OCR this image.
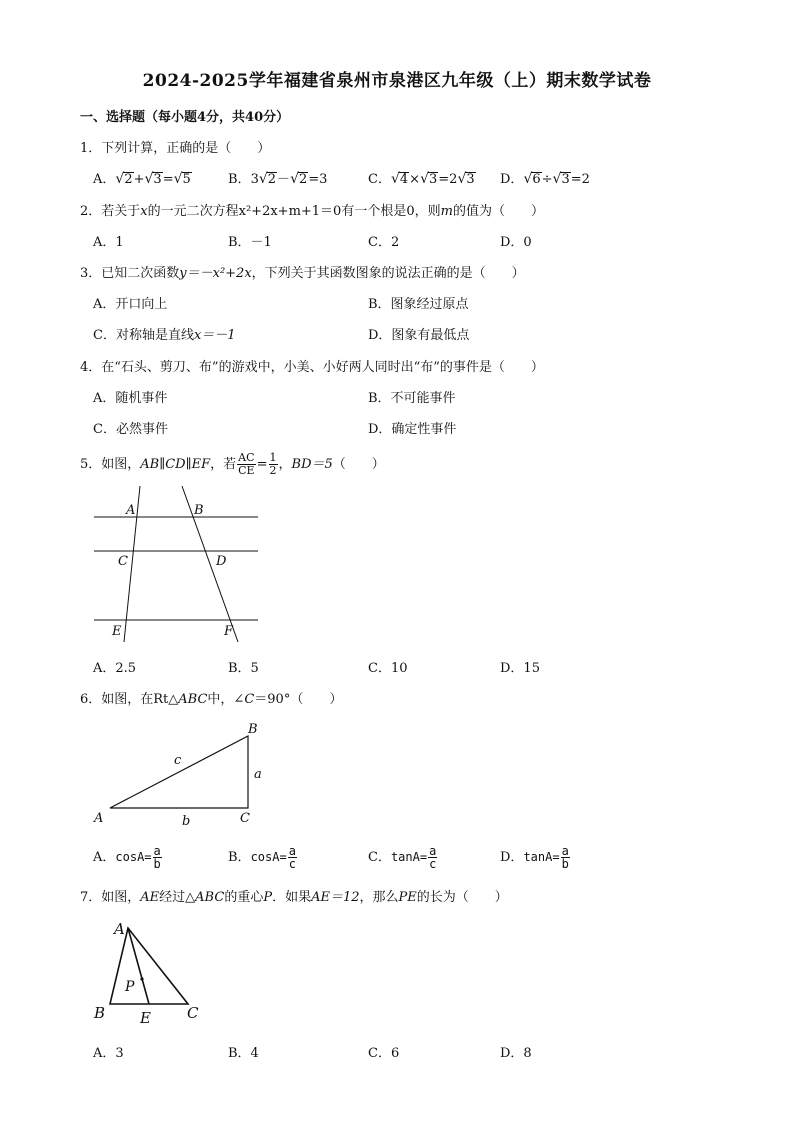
2024-2025学年福建省泉州市泉港区九年级（上）期末数学试卷
一、选择题（每小题4分，共40分）
1．下列计算，正确的是（　　）
A．√2+√3=√5	B．3√2－√2=3	C．√4×√3=2√3 D．√6÷√3=2
2．若关于x的一元二次方程x²+2x+m+1＝0有一个根是0，则m的值为（　　）
A．1	B．－1	C．2	D．0
3．已知二次函数y＝－x²+2x，下列关于其函数图象的说法正确的是（　　）
A．开口向上	B．图象经过原点
C．对称轴是直线x＝－1	D．图象有最低点
4．在“石头、剪刀、布”的游戏中，小美、小好两人同时出“布”的事件是（　　）
A．随机事件	B．不可能事件
C．必然事件	D．确定性事件
5．如图，AB∥CD∥EF，若 $\frac{AC}{CE} = \frac{1}{2}$ ，BD＝5（　　）
A	B
C	D
E	F
A．2.5	B．5	C．10	D．15
6．如图，在Rt△ABC中，∠C＝90°（　　）
A
B
C
a
b
c
A．$\cos A= \frac{a}{b}$	B．$\cos A= \frac{a}{c}$	C．$\tan A= \frac{a}{c}$	D．$\tan A= \frac{a}{b}$
7．如图，AE经过△ABC的重心P．如果AE＝12，那么PE的长为（　　）
A
B	C
E
P
A．3	B．4	C．6	D．8
